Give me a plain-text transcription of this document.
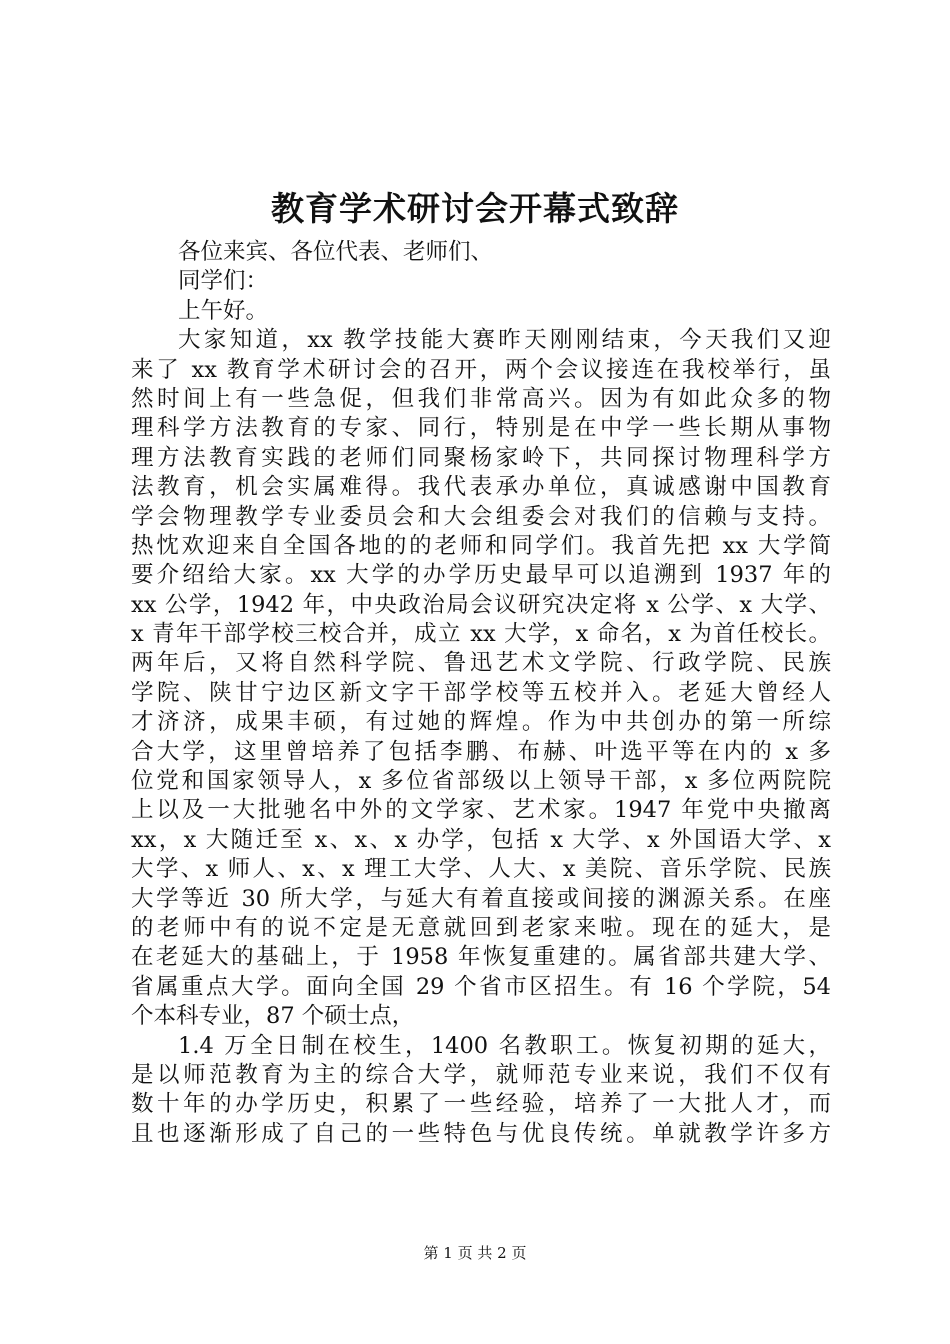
教育学术研讨会开幕式致辞

各位来宾、各位代表、老师们、

同学们：

上午好。

大家知道，xx 教学技能大赛昨天刚刚结束，今天我们又迎

来了 xx 教育学术研讨会的召开，两个会议接连在我校举行，虽

然时间上有一些急促，但我们非常高兴。因为有如此众多的物

理科学方法教育的专家、同行，特别是在中学一些长期从事物

理方法教育实践的老师们同聚杨家岭下，共同探讨物理科学方

法教育，机会实属难得。我代表承办单位，真诚感谢中国教育

学会物理教学专业委员会和大会组委会对我们的信赖与支持。

热忱欢迎来自全国各地的的老师和同学们。我首先把 xx 大学简

要介绍给大家。xx 大学的办学历史最早可以追溯到 1937 年的

xx 公学，1942 年，中央政治局会议研究决定将 x 公学、x 大学、

x 青年干部学校三校合并，成立 xx 大学，x 命名，x 为首任校长。

两年后，又将自然科学院、鲁迅艺术文学院、行政学院、民族

学院、陕甘宁边区新文字干部学校等五校并入。老延大曾经人

才济济，成果丰硕，有过她的辉煌。作为中共创办的第一所综

合大学，这里曾培养了包括李鹏、布赫、叶选平等在内的 x 多

位党和国家领导人，x 多位省部级以上领导干部，x 多位两院院

上以及一大批驰名中外的文学家、艺术家。1947 年党中央撤离

xx，x 大随迁至 x、x、x 办学，包括 x 大学、x 外国语大学、x

大学、x 师人、x、x 理工大学、人大、x 美院、音乐学院、民族

大学等近 30 所大学，与延大有着直接或间接的渊源关系。在座

的老师中有的说不定是无意就回到老家来啦。现在的延大，是

在老延大的基础上，于 1958 年恢复重建的。属省部共建大学、

省属重点大学。面向全国 29 个省市区招生。有 16 个学院，54

个本科专业，87 个硕士点，

1.4 万全日制在校生，1400 名教职工。恢复初期的延大，

是以师范教育为主的综合大学，就师范专业来说，我们不仅有

数十年的办学历史，积累了一些经验，培养了一大批人才，而

且也逐渐形成了自己的一些特色与优良传统。单就教学许多方

第 1 页 共 2 页
